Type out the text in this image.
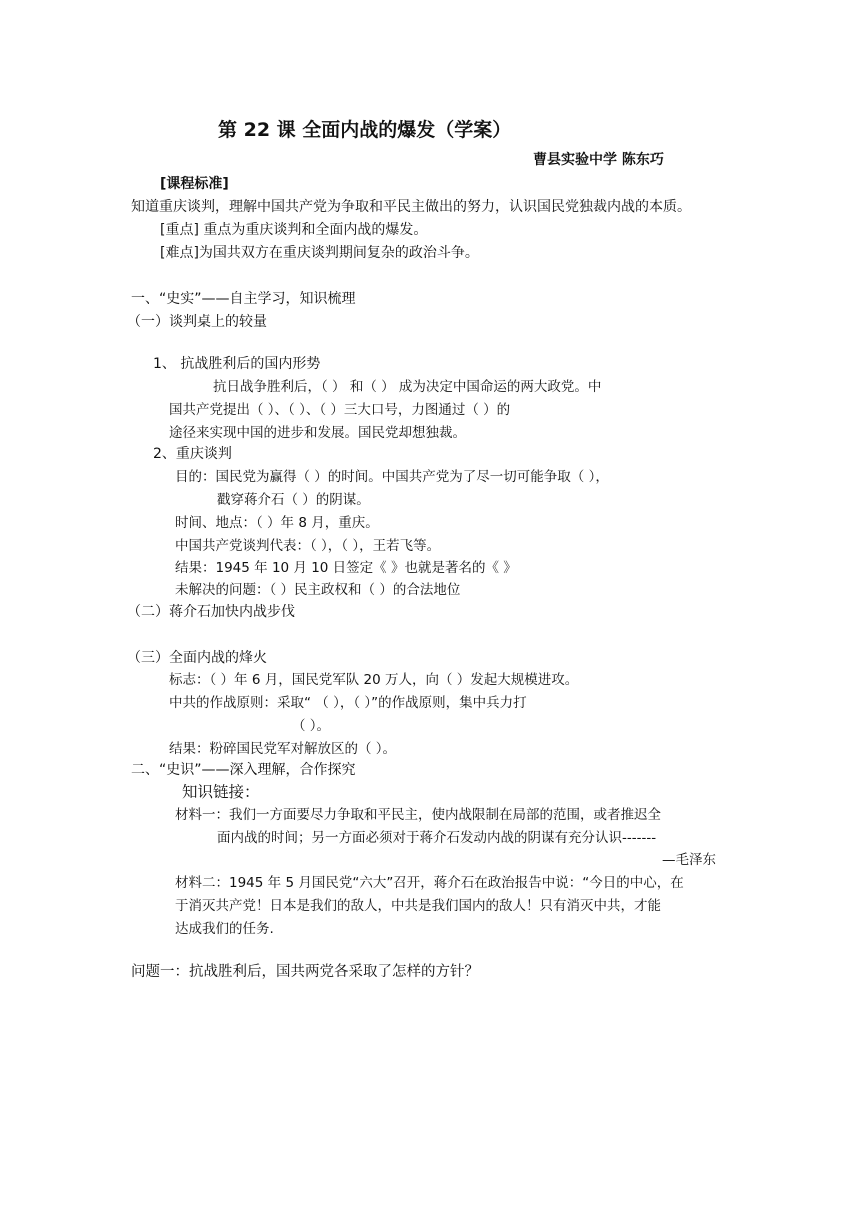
第 22 课 全面内战的爆发（学案）
曹县实验中学 陈东巧
[课程标准]
知道重庆谈判，理解中国共产党为争取和平民主做出的努力，认识国民党独裁内战的本质。
[重点] 重点为重庆谈判和全面内战的爆发。
[难点]为国共双方在重庆谈判期间复杂的政治斗争。
一、“史实”——自主学习，知识梳理
（一）谈判桌上的较量
1、 抗战胜利后的国内形势
抗日战争胜利后，（ ） 和（ ） 成为决定中国命运的两大政党。中
国共产党提出（ ）、（ ）、（ ）三大口号，力图通过（ ）的
途径来实现中国的进步和发展。国民党却想独裁。
2、重庆谈判
目的：国民党为赢得（ ）的时间。中国共产党为了尽一切可能争取（ ），
戳穿蒋介石（ ）的阴谋。
时间、地点：（ ）年 8 月，重庆。
中国共产党谈判代表：（ ），（ ），王若飞等。
结果：1945 年 10 月 10 日签定《 》也就是著名的《 》
未解决的问题：（ ）民主政权和（ ）的合法地位
（二）蒋介石加快内战步伐
（三）全面内战的烽火
标志：（ ）年 6 月，国民党军队 20 万人，向（ ）发起大规模进攻。
中共的作战原则：采取“ （ ），（ ）”的作战原则，集中兵力打
（ ）。
结果：粉碎国民党军对解放区的（ ）。
二、“史识”——深入理解，合作探究
知识链接：
材料一：我们一方面要尽力争取和平民主，使内战限制在局部的范围，或者推迟全
面内战的时间；另一方面必须对于蒋介石发动内战的阴谋有充分认识-------
—毛泽东
材料二：1945 年 5 月国民党“六大”召开，蒋介石在政治报告中说：“今日的中心，在
于消灭共产党！日本是我们的敌人，中共是我们国内的敌人！只有消灭中共，才能
达成我们的任务.
问题一：抗战胜利后，国共两党各采取了怎样的方针？
